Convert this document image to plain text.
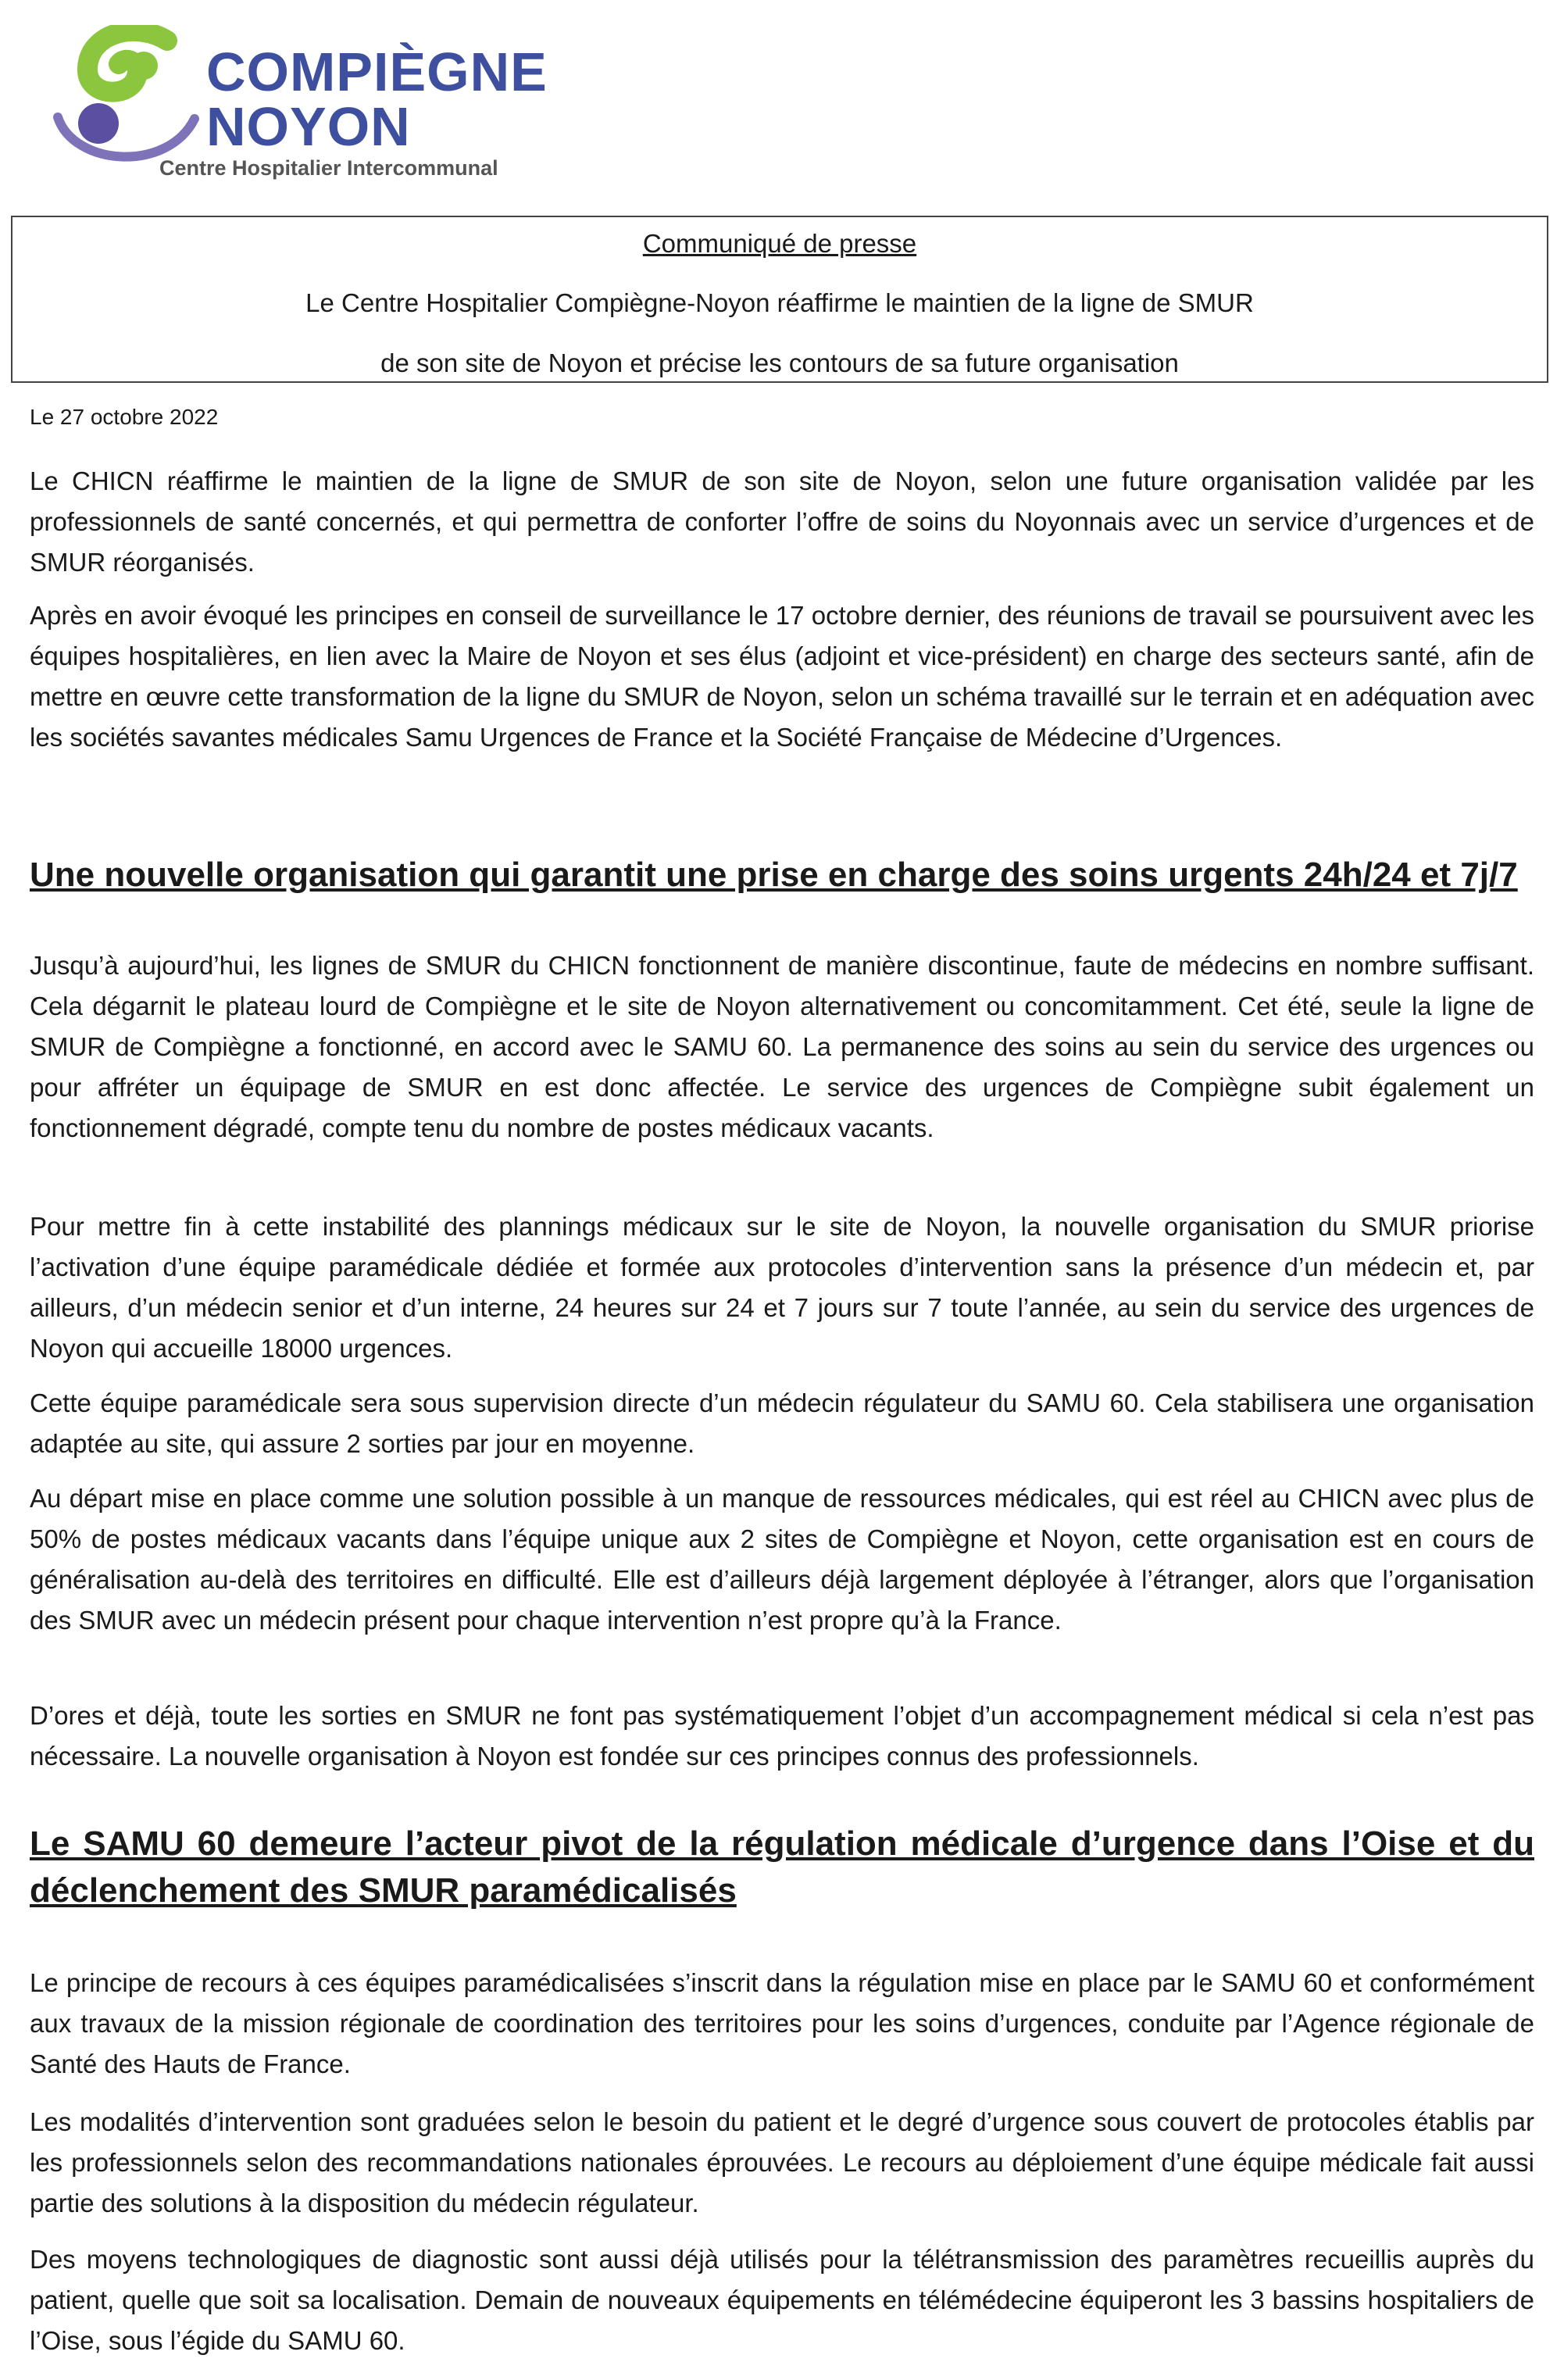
COMPIÈGNE
NOYON
Centre Hospitalier Intercommunal
Communiqué de presse
Le Centre Hospitalier Compiègne-Noyon réaffirme le maintien de la ligne de SMUR
de son site de Noyon et précise les contours de sa future organisation
Le 27 octobre 2022

Le CHICN réaffirme le maintien de la ligne de SMUR de son site de Noyon, selon une future organisation validée par les professionnels de santé concernés, et qui permettra de conforter l’offre de soins du Noyonnais avec un service d’urgences et de SMUR réorganisés.

Après en avoir évoqué les principes en conseil de surveillance le 17 octobre dernier, des réunions de travail se poursuivent avec les équipes hospitalières, en lien avec la Maire de Noyon et ses élus (adjoint et vice-président) en charge des secteurs santé, afin de mettre en œuvre cette transformation de la ligne du SMUR de Noyon, selon un schéma travaillé sur le terrain et en adéquation avec les sociétés savantes médicales Samu Urgences de France et la Société Française de Médecine d’Urgences.

Une nouvelle organisation qui garantit une prise en charge des soins urgents 24h/24 et 7j/7

Jusqu’à aujourd’hui, les lignes de SMUR du CHICN fonctionnent de manière discontinue, faute de médecins en nombre suffisant. Cela dégarnit le plateau lourd de Compiègne et le site de Noyon alternativement ou concomitamment. Cet été, seule la ligne de SMUR de Compiègne a fonctionné, en accord avec le SAMU 60. La permanence des soins au sein du service des urgences ou pour affréter un équipage de SMUR en est donc affectée. Le service des urgences de Compiègne subit également un fonctionnement dégradé, compte tenu du nombre de postes médicaux vacants.

Pour mettre fin à cette instabilité des plannings médicaux sur le site de Noyon, la nouvelle organisation du SMUR priorise l’activation d’une équipe paramédicale dédiée et formée aux protocoles d’intervention sans la présence d’un médecin et, par ailleurs, d’un médecin senior et d’un interne, 24 heures sur 24 et 7 jours sur 7 toute l’année, au sein du service des urgences de Noyon qui accueille 18000 urgences.

Cette équipe paramédicale sera sous supervision directe d’un médecin régulateur du SAMU 60. Cela stabilisera une organisation adaptée au site, qui assure 2 sorties par jour en moyenne.

Au départ mise en place comme une solution possible à un manque de ressources médicales, qui est réel au CHICN avec plus de 50% de postes médicaux vacants dans l’équipe unique aux 2 sites de Compiègne et Noyon, cette organisation est en cours de généralisation au-delà des territoires en difficulté. Elle est d’ailleurs déjà largement déployée à l’étranger, alors que l’organisation des SMUR avec un médecin présent pour chaque intervention n’est propre qu’à la France.

D’ores et déjà, toute les sorties en SMUR ne font pas systématiquement l’objet d’un accompagnement médical si cela n’est pas nécessaire. La nouvelle organisation à Noyon est fondée sur ces principes connus des professionnels.

Le SAMU 60 demeure l’acteur pivot de la régulation médicale d’urgence dans l’Oise et du déclenchement des SMUR paramédicalisés

Le principe de recours à ces équipes paramédicalisées s’inscrit dans la régulation mise en place par le SAMU 60 et conformément aux travaux de la mission régionale de coordination des territoires pour les soins d’urgences, conduite par l’Agence régionale de Santé des Hauts de France.

Les modalités d’intervention sont graduées selon le besoin du patient et le degré d’urgence sous couvert de protocoles établis par les professionnels selon des recommandations nationales éprouvées. Le recours au déploiement d’une équipe médicale fait aussi partie des solutions à la disposition du médecin régulateur.

Des moyens technologiques de diagnostic sont aussi déjà utilisés pour la télétransmission des paramètres recueillis auprès du patient, quelle que soit sa localisation. Demain de nouveaux équipements en télémédecine équiperont les 3 bassins hospitaliers de l’Oise, sous l’égide du SAMU 60.
